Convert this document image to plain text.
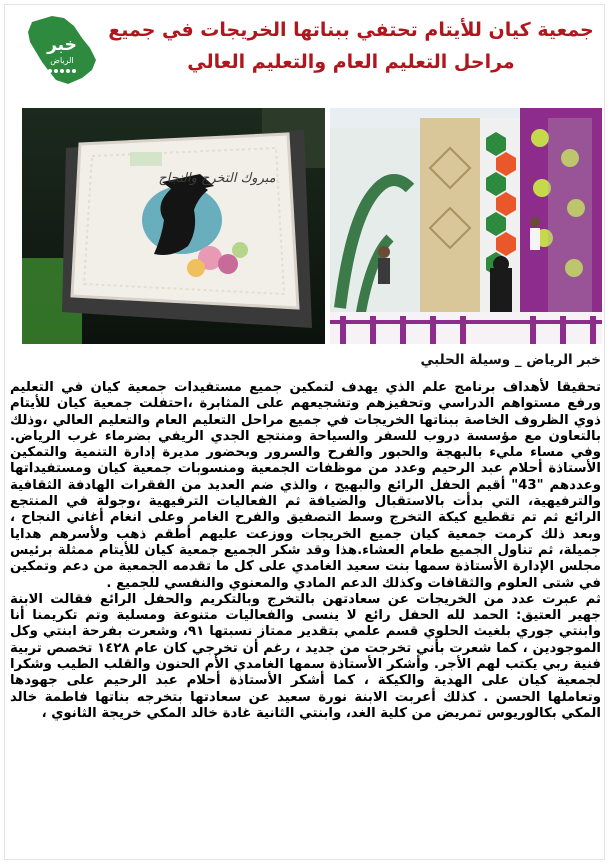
خبر
الرياض
جمعية كيان للأيتام تحتفي ببناتها الخريجات في جميع
مراحل التعليم العام والتعليم العالي
مبروك التخرج والنجاح
خبر الرياض _ وسيلة الحلبي

تحقيقا لأهداف برنامج علم الذي يهدف لتمكين جميع مستفيدات جمعية كيان في التعليم ورفع مستواهم الدراسي وتحفيزهم وتشجيعهم على المثابرة ،احتفلت جمعية كيان للأيتام ذوي الظروف الخاصة ببناتها الخريجات في جميع مراحل التعليم العام والتعليم العالي ،وذلك بالتعاون مع مؤسسة دروب للسفر والسياحة ومنتجع الجدي الريفي بضرماء غرب الرياض. وفي مساء مليء بالبهجة والحبور والفرح والسرور وبحضور مديرة إدارة التنمية والتمكين الأستاذة أحلام عبد الرحيم وعدد من موظفات الجمعية ومنسوبات جمعية كيان ومستفيداتها وعددهم "43" أقيم الحفل الرائع والبهيج ، والذي ضم العديد من الفقرات الهادفة الثقافية والترفيهية، التي بدأت بالاستقبال والضيافة ثم الفعاليات الترفيهية ،وجولة في المنتجع الرائع ثم تم تقطيع كيكة التخرج وسط التصفيق والفرح الغامر وعلى انغام أغاني النجاح ، وبعد ذلك كرمت جمعية كيان جميع الخريجات ووزعت عليهم أطقم ذهب ولأسرهم هدايا جميلة، ثم تناول الجميع طعام العشاء.هذا وقد شكر الجميع جمعية كيان للأيتام ممثلة برئيس مجلس الإدارة الأستاذة سمها بنت سعيد الغامدي على كل ما تقدمه الجمعية من دعم وتمكين في شتى العلوم والثقافات وكذلك الدعم المادي والمعنوي والنفسي للجميع .

ثم عبرت عدد من الخريجات عن سعادتهن بالتخرج وبالتكريم والحفل الرائع فقالت الابنة جهير العتيق: الحمد لله الحفل رائع لا ينسى والفعاليات متنوعة ومسلية وتم تكريمنا أنا وابنتي جوري بلغيث الحلوي قسم علمي بتقدير ممتاز نسبتها ٩١، وشعرت بفرحة ابنتي وكل الموجودين ، كما شعرت بأني تخرجت من جديد ، رغم أن تخرجي كان عام ١٤٢٨ تخصص تربية فنية ربي يكتب لهم الأجر. وأشكر الأستاذة سمها الغامدي الأم الحنون والقلب الطيب وشكرا لجمعية كيان على الهدية والكيكة ، كما أشكر الأستاذة أحلام عبد الرحيم على جهودها وتعاملها الحسن . كذلك أعربت الابنة نورة سعيد عن سعادتها بتخرجه بناتها فاطمة خالد المكي بكالوريوس تمريض من كلية الغد، وابنتي الثانية غادة خالد المكي خريجة الثانوي ،
